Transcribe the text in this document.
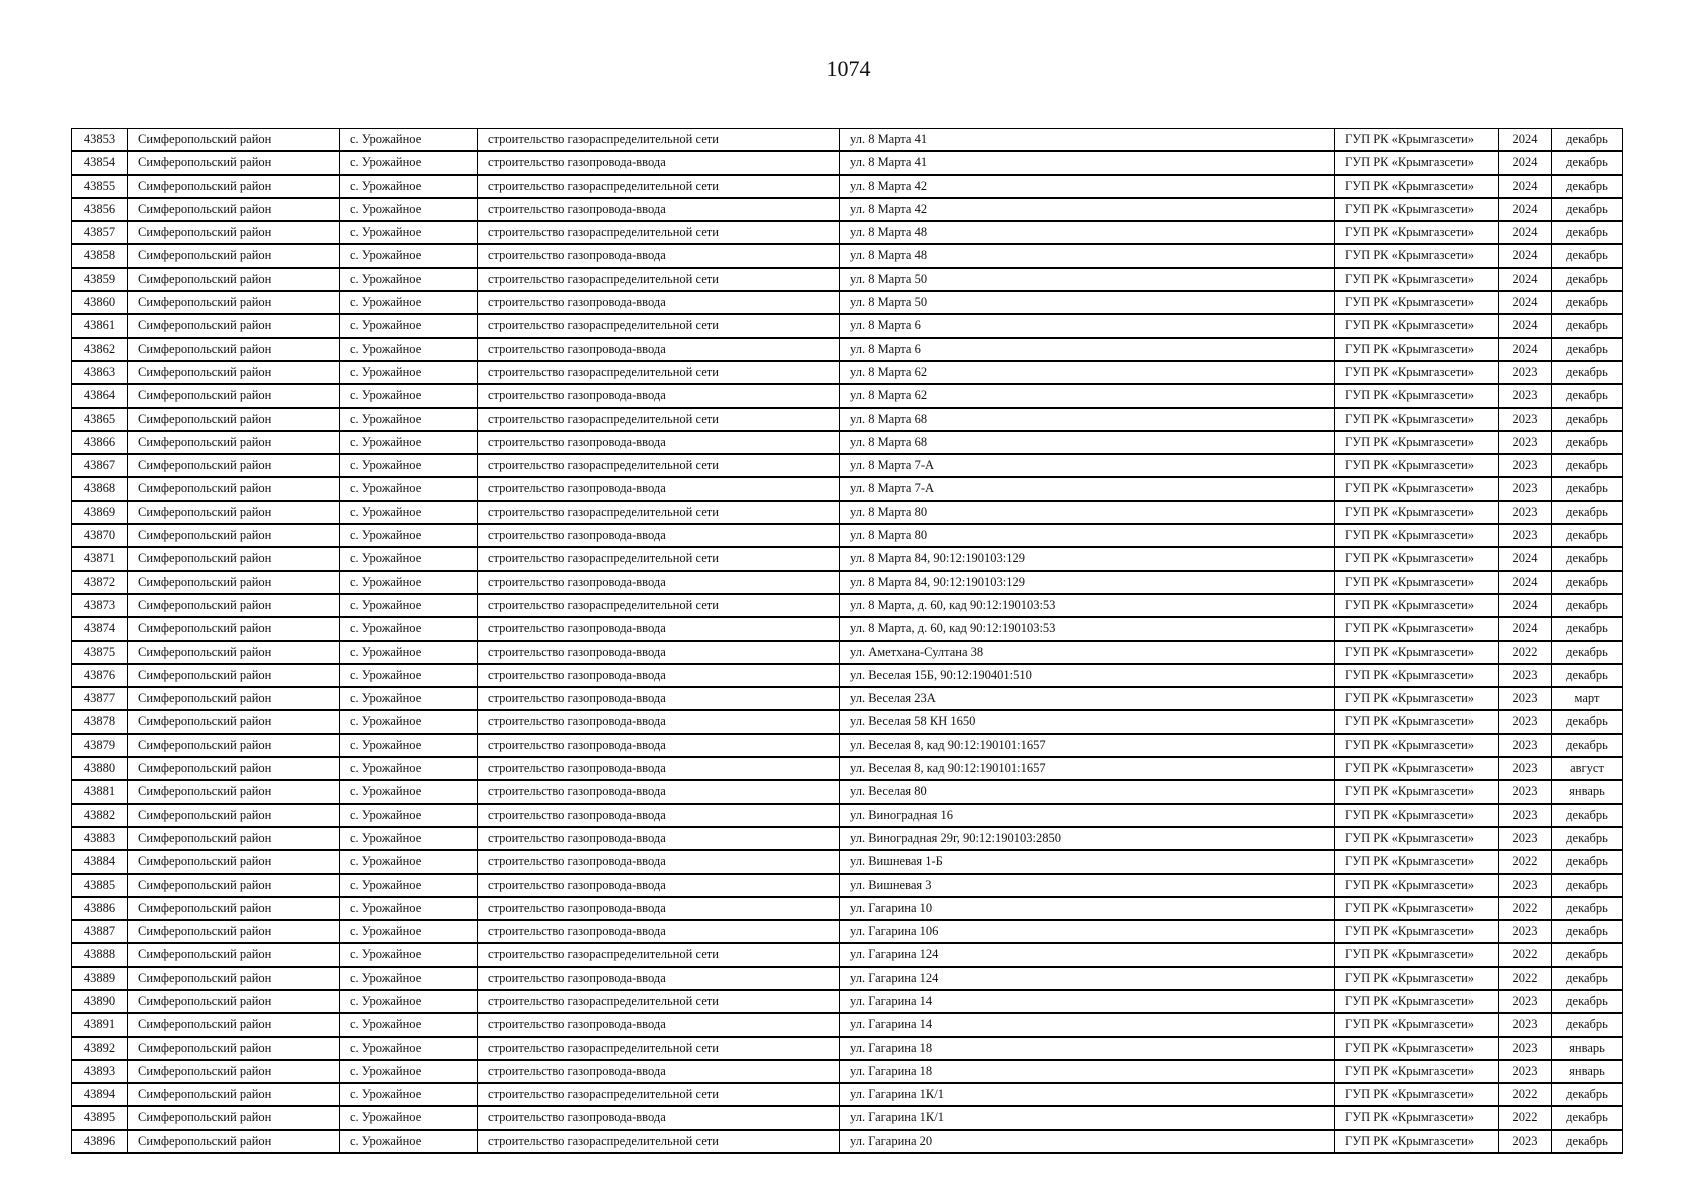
1074
43853	Симферопольский район	с. Урожайное	строительство газораспределительной сети	ул. 8 Марта 41	ГУП РК «Крымгазсети»	2024	декабрь
43854	Симферопольский район	с. Урожайное	строительство газопровода-ввода	ул. 8 Марта 41	ГУП РК «Крымгазсети»	2024	декабрь
43855	Симферопольский район	с. Урожайное	строительство газораспределительной сети	ул. 8 Марта 42	ГУП РК «Крымгазсети»	2024	декабрь
43856	Симферопольский район	с. Урожайное	строительство газопровода-ввода	ул. 8 Марта 42	ГУП РК «Крымгазсети»	2024	декабрь
43857	Симферопольский район	с. Урожайное	строительство газораспределительной сети	ул. 8 Марта 48	ГУП РК «Крымгазсети»	2024	декабрь
43858	Симферопольский район	с. Урожайное	строительство газопровода-ввода	ул. 8 Марта 48	ГУП РК «Крымгазсети»	2024	декабрь
43859	Симферопольский район	с. Урожайное	строительство газораспределительной сети	ул. 8 Марта 50	ГУП РК «Крымгазсети»	2024	декабрь
43860	Симферопольский район	с. Урожайное	строительство газопровода-ввода	ул. 8 Марта 50	ГУП РК «Крымгазсети»	2024	декабрь
43861	Симферопольский район	с. Урожайное	строительство газораспределительной сети	ул. 8 Марта 6	ГУП РК «Крымгазсети»	2024	декабрь
43862	Симферопольский район	с. Урожайное	строительство газопровода-ввода	ул. 8 Марта 6	ГУП РК «Крымгазсети»	2024	декабрь
43863	Симферопольский район	с. Урожайное	строительство газораспределительной сети	ул. 8 Марта 62	ГУП РК «Крымгазсети»	2023	декабрь
43864	Симферопольский район	с. Урожайное	строительство газопровода-ввода	ул. 8 Марта 62	ГУП РК «Крымгазсети»	2023	декабрь
43865	Симферопольский район	с. Урожайное	строительство газораспределительной сети	ул. 8 Марта 68	ГУП РК «Крымгазсети»	2023	декабрь
43866	Симферопольский район	с. Урожайное	строительство газопровода-ввода	ул. 8 Марта 68	ГУП РК «Крымгазсети»	2023	декабрь
43867	Симферопольский район	с. Урожайное	строительство газораспределительной сети	ул. 8 Марта 7-А	ГУП РК «Крымгазсети»	2023	декабрь
43868	Симферопольский район	с. Урожайное	строительство газопровода-ввода	ул. 8 Марта 7-А	ГУП РК «Крымгазсети»	2023	декабрь
43869	Симферопольский район	с. Урожайное	строительство газораспределительной сети	ул. 8 Марта 80	ГУП РК «Крымгазсети»	2023	декабрь
43870	Симферопольский район	с. Урожайное	строительство газопровода-ввода	ул. 8 Марта 80	ГУП РК «Крымгазсети»	2023	декабрь
43871	Симферопольский район	с. Урожайное	строительство газораспределительной сети	ул. 8 Марта 84, 90:12:190103:129	ГУП РК «Крымгазсети»	2024	декабрь
43872	Симферопольский район	с. Урожайное	строительство газопровода-ввода	ул. 8 Марта 84, 90:12:190103:129	ГУП РК «Крымгазсети»	2024	декабрь
43873	Симферопольский район	с. Урожайное	строительство газораспределительной сети	ул. 8 Марта, д. 60, кад 90:12:190103:53	ГУП РК «Крымгазсети»	2024	декабрь
43874	Симферопольский район	с. Урожайное	строительство газопровода-ввода	ул. 8 Марта, д. 60, кад 90:12:190103:53	ГУП РК «Крымгазсети»	2024	декабрь
43875	Симферопольский район	с. Урожайное	строительство газопровода-ввода	ул. Аметхана-Султана 38	ГУП РК «Крымгазсети»	2022	декабрь
43876	Симферопольский район	с. Урожайное	строительство газопровода-ввода	ул. Веселая 15Б, 90:12:190401:510	ГУП РК «Крымгазсети»	2023	декабрь
43877	Симферопольский район	с. Урожайное	строительство газопровода-ввода	ул. Веселая 23А	ГУП РК «Крымгазсети»	2023	март
43878	Симферопольский район	с. Урожайное	строительство газопровода-ввода	ул. Веселая 58 КН 1650	ГУП РК «Крымгазсети»	2023	декабрь
43879	Симферопольский район	с. Урожайное	строительство газопровода-ввода	ул. Веселая 8, кад 90:12:190101:1657	ГУП РК «Крымгазсети»	2023	декабрь
43880	Симферопольский район	с. Урожайное	строительство газопровода-ввода	ул. Веселая 8, кад 90:12:190101:1657	ГУП РК «Крымгазсети»	2023	август
43881	Симферопольский район	с. Урожайное	строительство газопровода-ввода	ул. Веселая 80	ГУП РК «Крымгазсети»	2023	январь
43882	Симферопольский район	с. Урожайное	строительство газопровода-ввода	ул. Виноградная 16	ГУП РК «Крымгазсети»	2023	декабрь
43883	Симферопольский район	с. Урожайное	строительство газопровода-ввода	ул. Виноградная 29г, 90:12:190103:2850	ГУП РК «Крымгазсети»	2023	декабрь
43884	Симферопольский район	с. Урожайное	строительство газопровода-ввода	ул. Вишневая 1-Б	ГУП РК «Крымгазсети»	2022	декабрь
43885	Симферопольский район	с. Урожайное	строительство газопровода-ввода	ул. Вишневая 3	ГУП РК «Крымгазсети»	2023	декабрь
43886	Симферопольский район	с. Урожайное	строительство газопровода-ввода	ул. Гагарина 10	ГУП РК «Крымгазсети»	2022	декабрь
43887	Симферопольский район	с. Урожайное	строительство газопровода-ввода	ул. Гагарина 106	ГУП РК «Крымгазсети»	2023	декабрь
43888	Симферопольский район	с. Урожайное	строительство газораспределительной сети	ул. Гагарина 124	ГУП РК «Крымгазсети»	2022	декабрь
43889	Симферопольский район	с. Урожайное	строительство газопровода-ввода	ул. Гагарина 124	ГУП РК «Крымгазсети»	2022	декабрь
43890	Симферопольский район	с. Урожайное	строительство газораспределительной сети	ул. Гагарина 14	ГУП РК «Крымгазсети»	2023	декабрь
43891	Симферопольский район	с. Урожайное	строительство газопровода-ввода	ул. Гагарина 14	ГУП РК «Крымгазсети»	2023	декабрь
43892	Симферопольский район	с. Урожайное	строительство газораспределительной сети	ул. Гагарина 18	ГУП РК «Крымгазсети»	2023	январь
43893	Симферопольский район	с. Урожайное	строительство газопровода-ввода	ул. Гагарина 18	ГУП РК «Крымгазсети»	2023	январь
43894	Симферопольский район	с. Урожайное	строительство газораспределительной сети	ул. Гагарина 1К/1	ГУП РК «Крымгазсети»	2022	декабрь
43895	Симферопольский район	с. Урожайное	строительство газопровода-ввода	ул. Гагарина 1К/1	ГУП РК «Крымгазсети»	2022	декабрь
43896	Симферопольский район	с. Урожайное	строительство газораспределительной сети	ул. Гагарина 20	ГУП РК «Крымгазсети»	2023	декабрь
